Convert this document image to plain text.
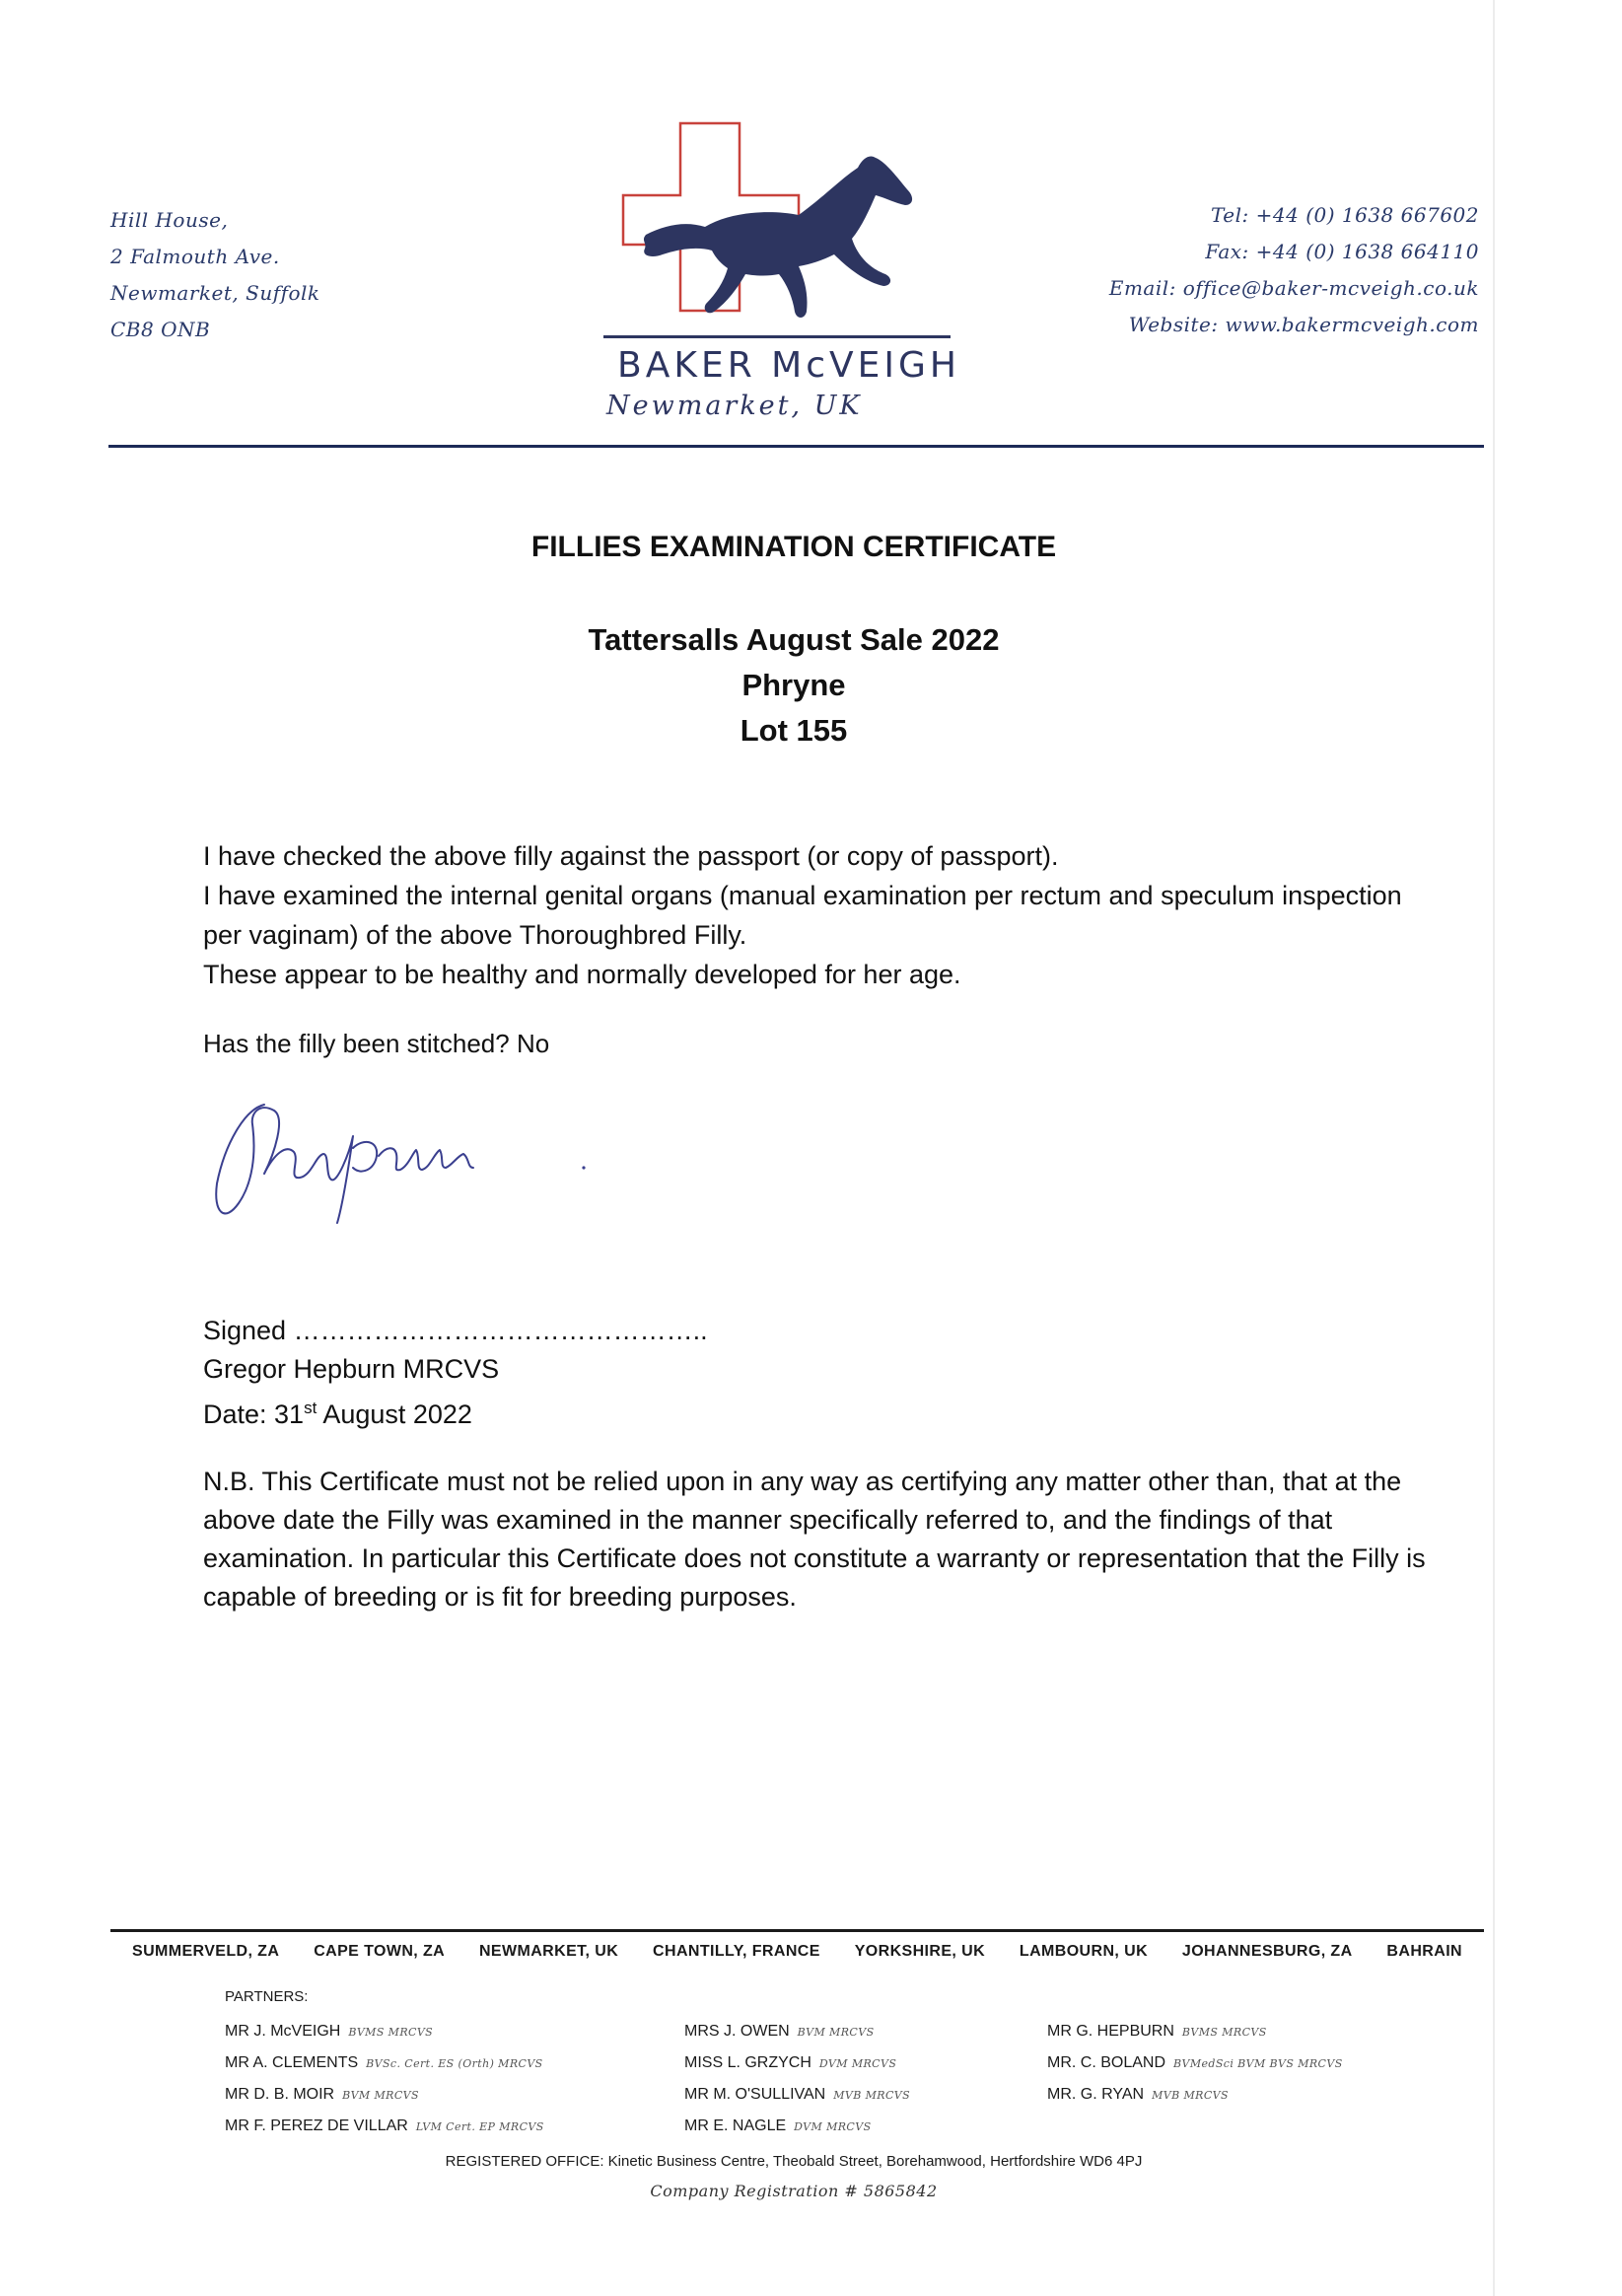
Hill House,
2 Falmouth Ave.
Newmarket, Suffolk
CB8 ONB
BAKER McVEIGH
Newmarket, UK
Tel: +44 (0) 1638 667602
Fax: +44 (0) 1638 664110
Email: office@baker-mcveigh.co.uk
Website: www.bakermcveigh.com
FILLIES EXAMINATION CERTIFICATE
Tattersalls August Sale 2022
Phryne
Lot 155
I have checked the above filly against the passport (or copy of passport).
I have examined the internal genital organs (manual examination per rectum and speculum inspection per vaginam) of the above Thoroughbred Filly.
These appear to be healthy and normally developed for her age.
Has the filly been stitched? No
Signed ………………………………………..
Gregor Hepburn MRCVS
Date: 31st August 2022
N.B. This Certificate must not be relied upon in any way as certifying any matter other than, that at the above date the Filly was examined in the manner specifically referred to, and the findings of that examination. In particular this Certificate does not constitute a warranty or representation that the Filly is capable of breeding or is fit for breeding purposes.
SUMMERVELD, ZA CAPE TOWN, ZA NEWMARKET, UK CHANTILLY, FRANCE YORKSHIRE, UK LAMBOURN, UK JOHANNESBURG, ZA BAHRAIN
PARTNERS:
MR J. McVEIGH BVMS MRCVS
MR A. CLEMENTS BVSc. Cert. ES (Orth) MRCVS
MR D. B. MOIR BVM MRCVS
MR F. PEREZ DE VILLAR LVM Cert. EP MRCVS
MRS J. OWEN BVM MRCVS
MISS L. GRZYCH DVM MRCVS
MR M. O'SULLIVAN MVB MRCVS
MR E. NAGLE DVM MRCVS
MR G. HEPBURN BVMS MRCVS
MR. C. BOLAND BVMedSci BVM BVS MRCVS
MR. G. RYAN MVB MRCVS
REGISTERED OFFICE: Kinetic Business Centre, Theobald Street, Borehamwood, Hertfordshire WD6 4PJ
Company Registration # 5865842
